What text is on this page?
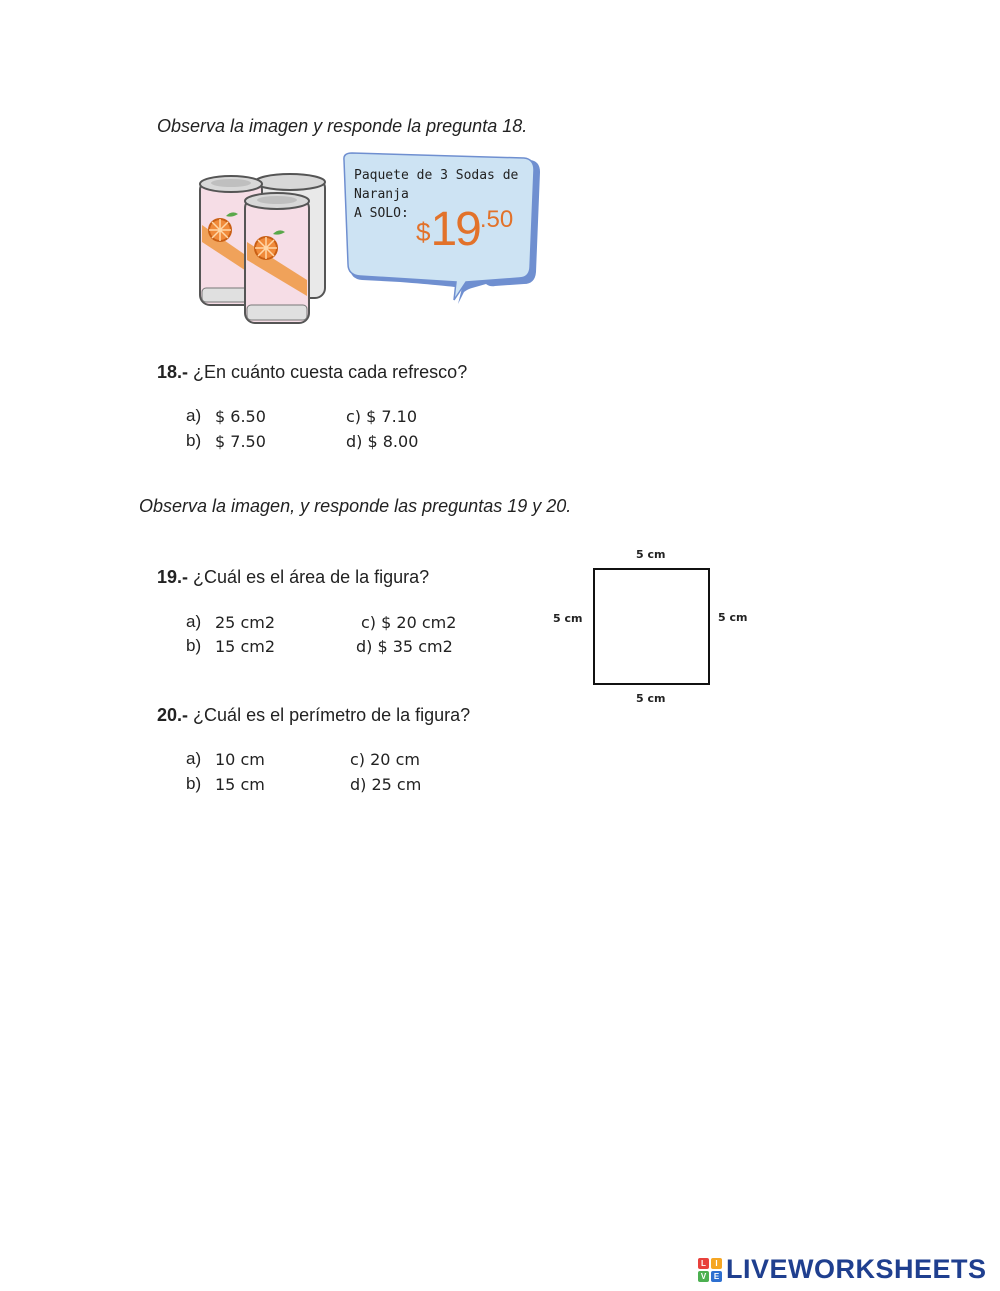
Observa la imagen y responde la pregunta 18.
Paquete de 3 Sodas de
Naranja
A SOLO:
$19.50
18.- ¿En cuánto cuesta cada refresco?
a) $ 6.50
b) $ 7.50
c) $ 7.10
d) $ 8.00
Observa la imagen, y responde las preguntas 19 y 20.
5 cm
5 cm	5 cm
5 cm
19.- ¿Cuál es el área de la figura?
a) 25 cm2
b) 15 cm2
c) $ 20 cm2
d) $ 35 cm2
20.- ¿Cuál es el perímetro de la figura?
a) 10 cm
b) 15 cm
c) 20 cm
d) 25 cm
L	I
V E LIVEWORKSHEETS
